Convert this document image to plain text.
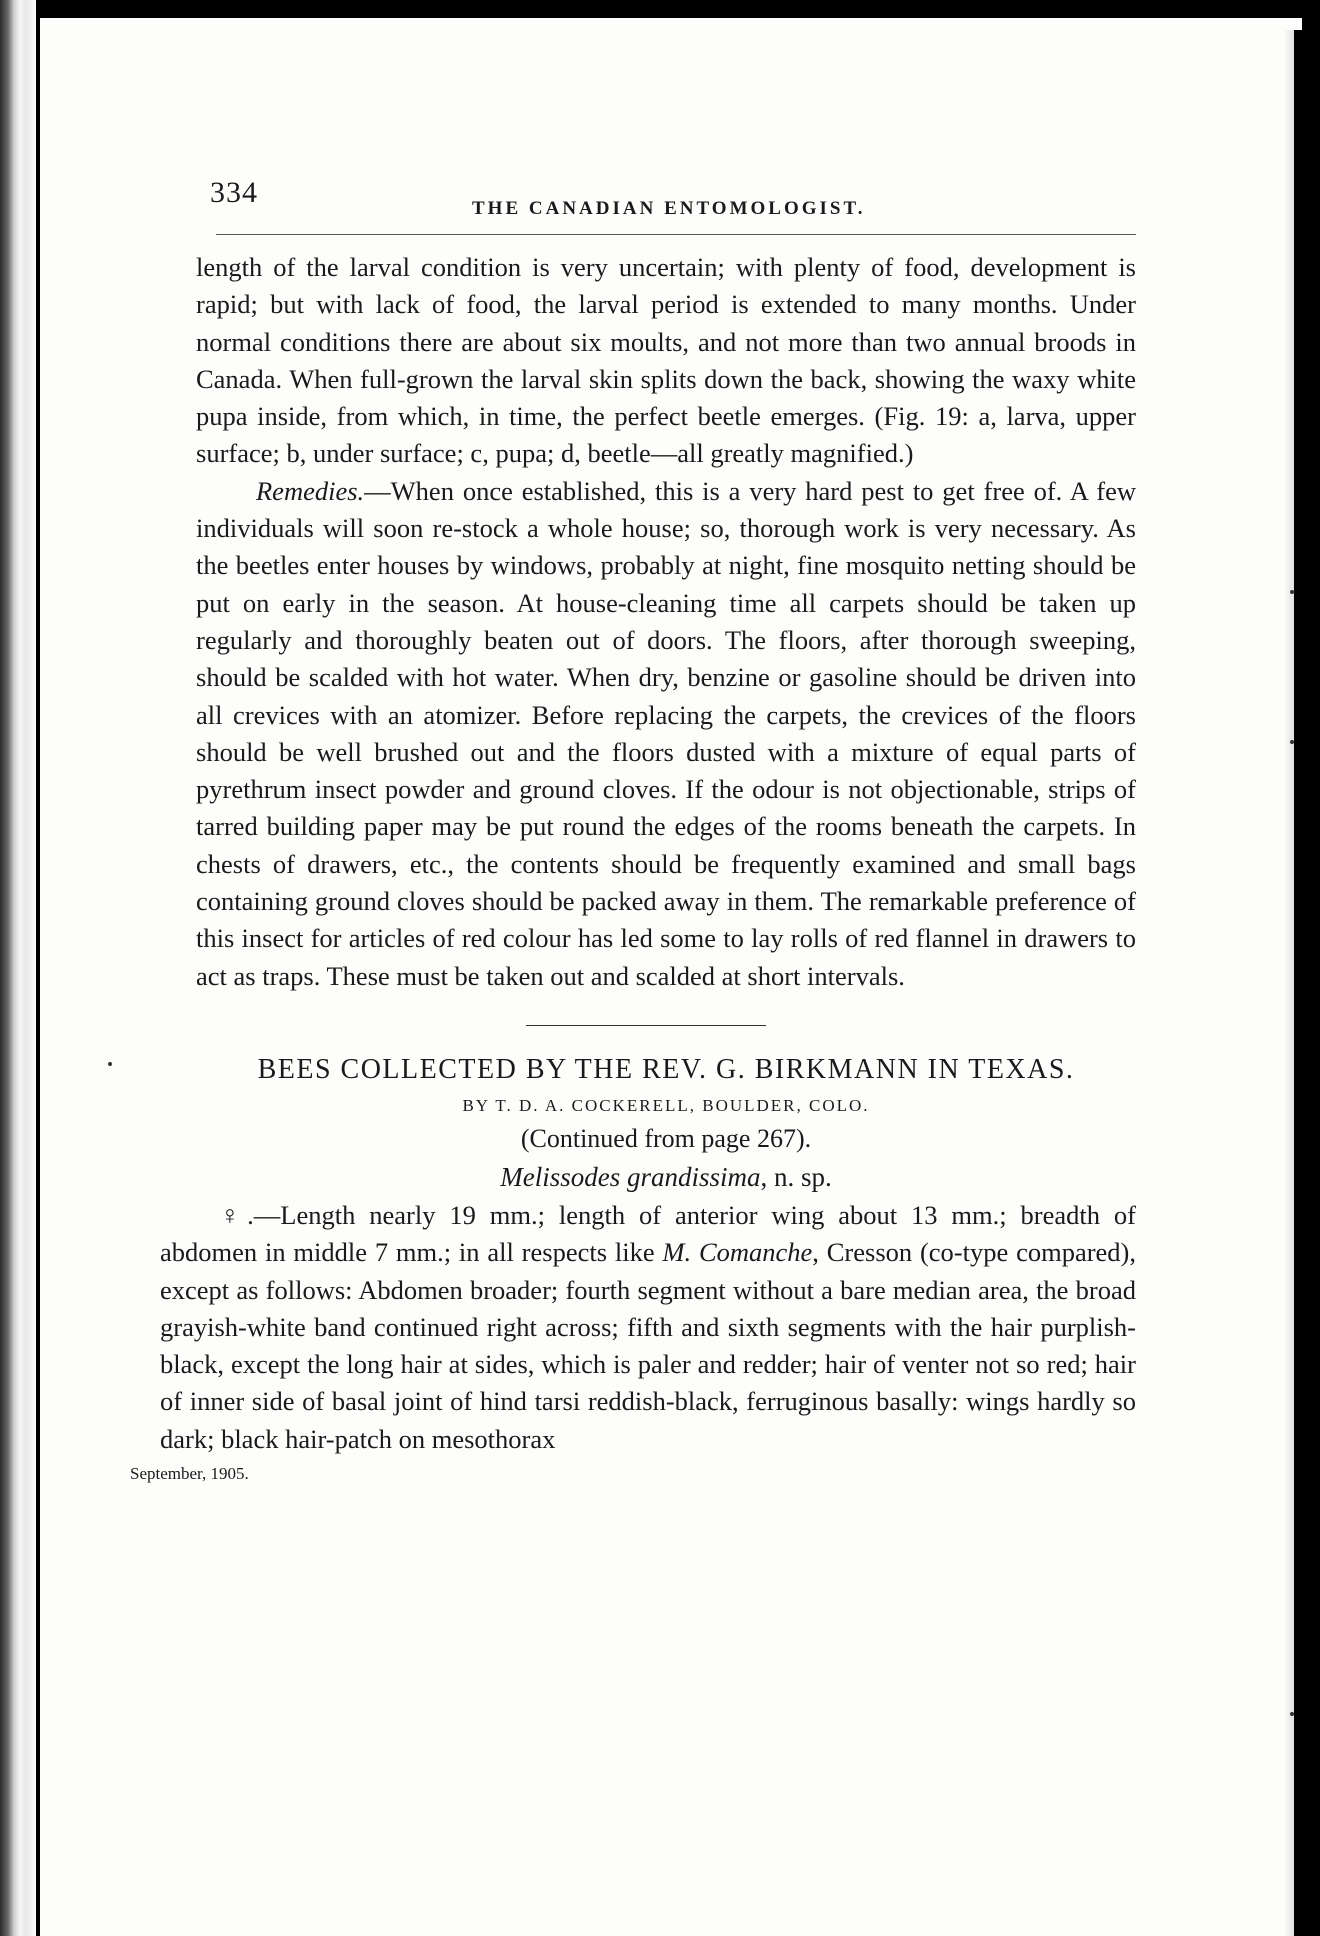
334	THE CANADIAN ENTOMOLOGIST.

length of the larval condition is very uncertain; with plenty of food, development is rapid; but with lack of food, the larval period is extended to many months. Under normal conditions there are about six moults, and not more than two annual broods in Canada. When full-grown the larval skin splits down the back, showing the waxy white pupa inside, from which, in time, the perfect beetle emerges. (Fig. 19: a, larva, upper surface; b, under surface; c, pupa; d, beetle—all greatly magnified.)

Remedies.—When once established, this is a very hard pest to get free of. A few individuals will soon re-stock a whole house; so, thorough work is very necessary. As the beetles enter houses by windows, probably at night, fine mosquito netting should be put on early in the season. At house-cleaning time all carpets should be taken up regularly and thoroughly beaten out of doors. The floors, after thorough sweeping, should be scalded with hot water. When dry, benzine or gasoline should be driven into all crevices with an atomizer. Before replacing the carpets, the crevices of the floors should be well brushed out and the floors dusted with a mixture of equal parts of pyrethrum insect powder and ground cloves. If the odour is not objectionable, strips of tarred building paper may be put round the edges of the rooms beneath the carpets. In chests of drawers, etc., the contents should be frequently examined and small bags containing ground cloves should be packed away in them. The remarkable preference of this insect for articles of red colour has led some to lay rolls of red flannel in drawers to act as traps. These must be taken out and scalded at short intervals.

BEES COLLECTED BY THE REV. G. BIRKMANN IN TEXAS.
BY T. D. A. COCKERELL, BOULDER, COLO.
(Continued from page 267).
Melissodes grandissima, n. sp.

♀.—Length nearly 19 mm.; length of anterior wing about 13 mm.; breadth of abdomen in middle 7 mm.; in all respects like M. Comanche, Cresson (co-type compared), except as follows: Abdomen broader; fourth segment without a bare median area, the broad grayish-white band continued right across; fifth and sixth segments with the hair purplish-black, except the long hair at sides, which is paler and redder; hair of venter not so red; hair of inner side of basal joint of hind tarsi reddish-black, ferruginous basally: wings hardly so dark; black hair-patch on mesothorax

September, 1905.
